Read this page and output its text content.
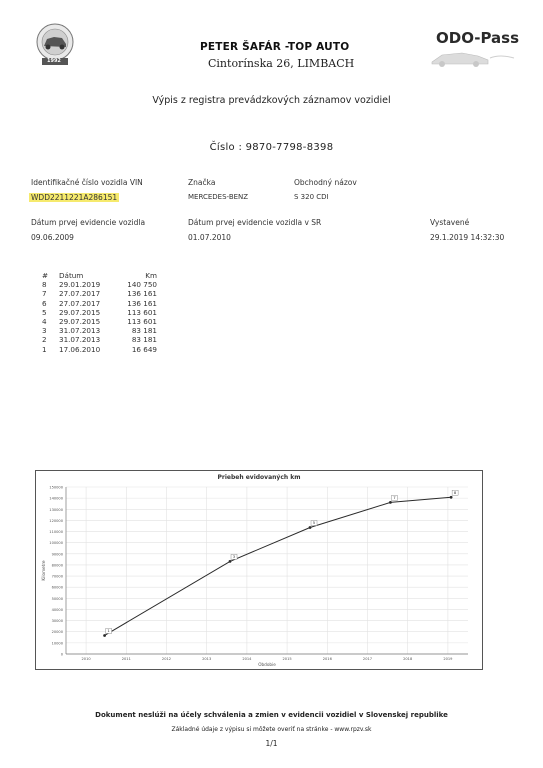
1992
PETER ŠAFÁR -TOP AUTO
Cintorínska 26, LIMBACH
ODO-Pass
Výpis z registra prevádzkových záznamov vozidiel
Číslo : 9870-7798-8398
Identifikačné číslo vozidla VIN
WDD2211221A286151
Značka
MERCEDES-BENZ
Obchodný názov
S 320 CDI
Dátum prvej evidencie vozidla
09.06.2009
Dátum prvej evidencie vozidla v SR
01.07.2010
Vystavené
29.1.2019 14:32:30
#	Dátum	Km
8	29.01.2019	140 750
7	27.07.2017	136 161
6	27.07.2017	136 161
5	29.07.2015	113 601
4	29.07.2015	113 601
3	31.07.2013	83 181
2	31.07.2013	83 181
1	17.06.2010	16 649
Priebeh evidovaných km
0
10000
20000
30000
40000
50000
60000
70000
80000
90000
100000
110000
120000
130000
140000
150000
2010	2011	2012	2013	2014	2015	2016	2017	2018	2019
Obdobie
Kilometre
1
3
5
7
8
Dokument neslúži na účely schválenia a zmien v evidencii vozidiel v Slovenskej republike
Základné údaje z výpisu si môžete overiť na stránke - www.rpzv.sk
1/1
